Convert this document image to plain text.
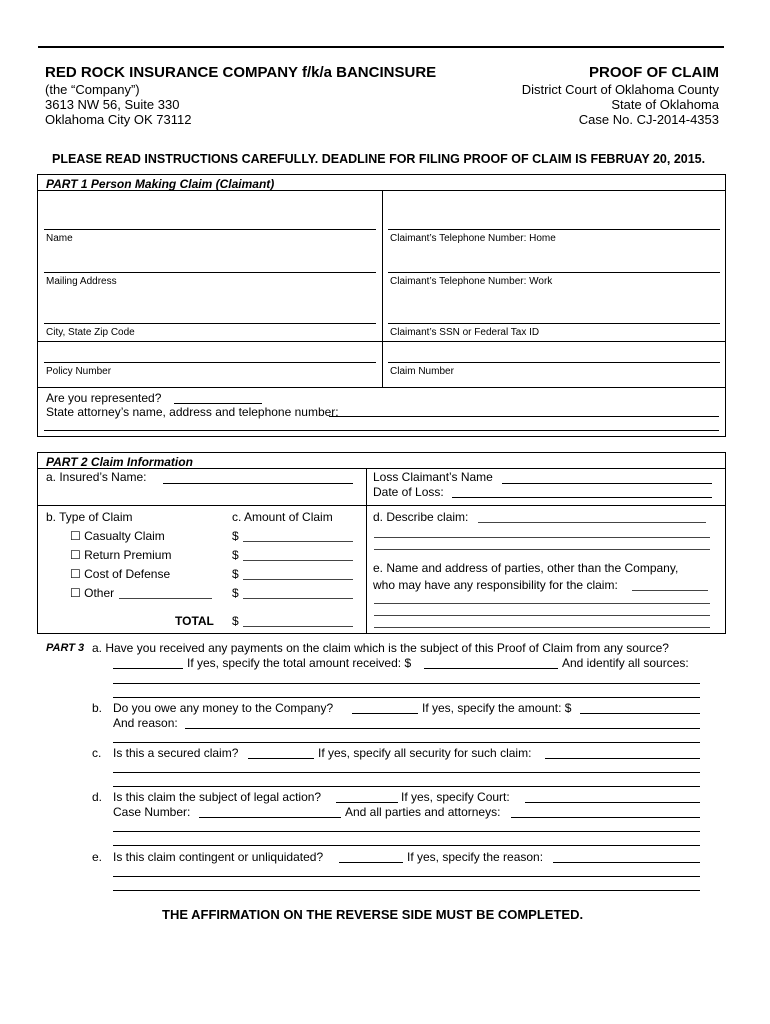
RED ROCK INSURANCE COMPANY f/k/a BANCINSURE
(the “Company”)
3613 NW 56, Suite 330
Oklahoma City OK 73112
PROOF OF CLAIM
District Court of Oklahoma County
State of Oklahoma
Case No. CJ-2014-4353
PLEASE READ INSTRUCTIONS CAREFULLY. DEADLINE FOR FILING PROOF OF CLAIM IS FEBRUAY 20, 2015.
PART 1 Person Making Claim (Claimant)
Name	Claimant’s Telephone Number: Home
Mailing Address	Claimant’s Telephone Number: Work
City, State Zip Code	Claimant’s SSN or Federal Tax ID
Policy Number	Claim Number
Are you represented?
State attorney’s name, address and telephone number:
PART 2 Claim Information
a. Insured’s Name:	Loss Claimant’s Name
Date of Loss:
b. Type of Claim	c. Amount of Claim	d. Describe claim:
☐ Casualty Claim	$
☐ Return Premium	$
☐ Cost of Defense	$
☐ Other	$
TOTAL $
e. Name and address of parties, other than the Company,
who may have any responsibility for the claim:
PART 3 a. Have you received any payments on the claim which is the subject of this Proof of Claim from any source?
If yes, specify the total amount received: $	And identify all sources:
b. Do you owe any money to the Company?	If yes, specify the amount: $
And reason:
c. Is this a secured claim?	If yes, specify all security for such claim:
d. Is this claim the subject of legal action?	If yes, specify Court:
Case Number:	And all parties and attorneys:
e. Is this claim contingent or unliquidated?	If yes, specify the reason:
THE AFFIRMATION ON THE REVERSE SIDE MUST BE COMPLETED.
